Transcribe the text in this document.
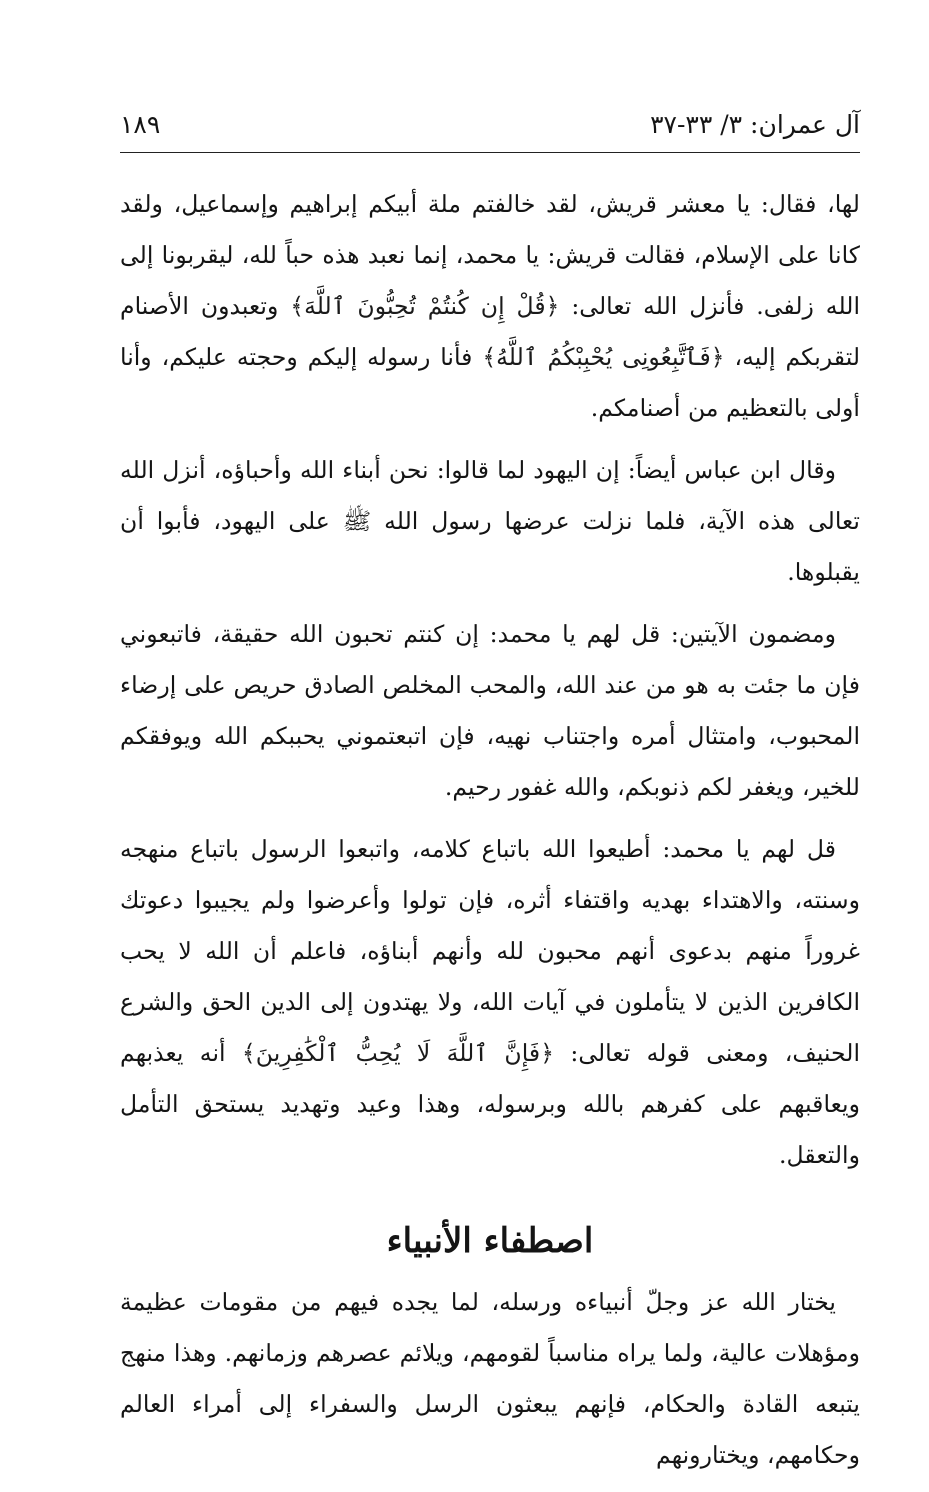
آل عمران: ٣/ ٣٣-٣٧
١٨٩

لها، فقال: يا معشر قريش، لقد خالفتم ملة أبيكم إبراهيم وإسماعيل، ولقد كانا على الإسلام، فقالت قريش: يا محمد، إنما نعبد هذه حباً لله، ليقربونا إلى الله زلفى. فأنزل الله تعالى: ﴿قُلْ إِن كُنتُمْ تُحِبُّونَ ٱللَّهَ﴾ وتعبدون الأصنام لتقربكم إليه، ﴿فَٱتَّبِعُونِى يُحْبِبْكُمُ ٱللَّهُ﴾ فأنا رسوله إليكم وحجته عليكم، وأنا أولى بالتعظيم من أصنامكم.

وقال ابن عباس أيضاً: إن اليهود لما قالوا: نحن أبناء الله وأحباؤه، أنزل الله تعالى هذه الآية، فلما نزلت عرضها رسول الله ﷺ على اليهود، فأبوا أن يقبلوها.

ومضمون الآيتين: قل لهم يا محمد: إن كنتم تحبون الله حقيقة، فاتبعوني فإن ما جئت به هو من عند الله، والمحب المخلص الصادق حريص على إرضاء المحبوب، وامتثال أمره واجتناب نهيه، فإن اتبعتموني يحببكم الله ويوفقكم للخير، ويغفر لكم ذنوبكم، والله غفور رحيم.

قل لهم يا محمد: أطيعوا الله باتباع كلامه، واتبعوا الرسول باتباع منهجه وسنته، والاهتداء بهديه واقتفاء أثره، فإن تولوا وأعرضوا ولم يجيبوا دعوتك غروراً منهم بدعوى أنهم محبون لله وأنهم أبناؤه، فاعلم أن الله لا يحب الكافرين الذين لا يتأملون في آيات الله، ولا يهتدون إلى الدين الحق والشرع الحنيف، ومعنى قوله تعالى: ﴿فَإِنَّ ٱللَّهَ لَا يُحِبُّ ٱلْكَٰفِرِينَ﴾ أنه يعذبهم ويعاقبهم على كفرهم بالله وبرسوله، وهذا وعيد وتهديد يستحق التأمل والتعقل.

اصطفاء الأنبياء

يختار الله عز وجلّ أنبياءه ورسله، لما يجده فيهم من مقومات عظيمة ومؤهلات عالية، ولما يراه مناسباً لقومهم، ويلائم عصرهم وزمانهم. وهذا منهج يتبعه القادة والحكام، فإنهم يبعثون الرسل والسفراء إلى أمراء العالم وحكامهم، ويختارونهم
